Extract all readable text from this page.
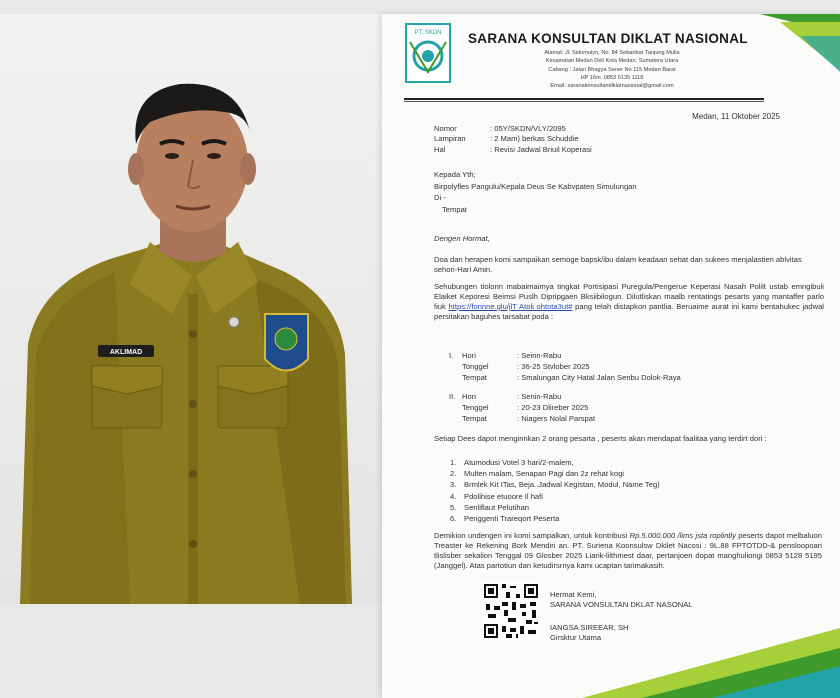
AKLIMAD
PT. SKDN SARANA KONSULTAN DIKLAT NASIONAL
Alamat: Jl. Sidomulyo, No. 84 Sebanbar Tanjung Mulia
Kecamatan Medan Deli Kota Medan, Sumatera Utara
Cabang : Jalan Bhagya Sener No 115 Medan Barat
HP 16m. 0853 5135 1118
Email: saranakonsultandiklatnasional@gmail.com
Medan, 11 Oktober 2025
Nomor	: 05Y/SKDN/VLY/2095
Lampiran	: 2 Mam) berkas Schuddie
Hal	: Revisi Jadwal Briuil Koperasi
Kepada Yth;
Birpolyfles Pangulu/Kepala Deus Se Kabvpaten Simulungan
Di -
Tempat
Dengen Hormat,
Doa dan herapen komi sampaikan semoge bapsk/ibu dalam keadaan sehat dan sukees menjalastien ablvitas sehori-Hari Amin.
Sehubungen tiolonn mabaimaimya tingkat Portisipasi Puregula/Pengerue Keperasi Nasah Polilt ustab emngibuli Elaiket Keporesi Beimsi Puslh Dipripgaen Bksiibilogun. Dilutliskan maalb rentatings pesarts yang mantaffer parlo fiuk https://fonnne.glu/jlT Atoli ohtota3ut# pang telah distapkon pantlia. Beruaime aurat ini kami bentahukec jadwal persitakan baguhes tarsabat poda :
I.	Hori	: Seinn-Rabu
Tonggel	: 36-25 Stvlober 2025
Tempat	: Smalungan City Hatal Jalan Seribu Dolok-Raya
II. Hori	: Senin-Rabu
Tenggel	: 20-23 Dlireber 2025
Tempat	: Niagers Nolal Parspat
Setiap Dees dapot menginnkan 2 orang pesarta , peserts akan mendapat faalitaa yang terdirt dori :
1.	Atumodusi Votel 3 hari/2-malem,
2.	Multen malam, Senapan Pagi dan 2z rehat kogi
3.	Brmlek Kit ITas, Beja..Jadwal Kegistan, Modul, Name Teg)
4.	Pdolihise etuoore Il hafi
5.	Senliflaut Pelutihan
6.	Penggenti Trareqort Peserta
Demikion undengen ini komi sampalkan, untuk kontribusi Rp.5.000.000 /lims jsta roplintly peserts dapot melbaluon Treaster ke Rekening Bork Mendiri an. PT. Suriena Koonsulsw Dkilet Nacosi : 9L.88 FPTOTDD-& pensloopoan tlislisber sekalion Tenggal 09 Glosber 2025 Liarik-lilthmest daar, pertanjoen dopat manghuliongi 0853 5128 5195 (Janggel). Atas partotiun dan ketudirsrnya kami ucaptan tarimakasih.
Hermat Kemi,
SARANA VONSULTAN DKLAT NASONAL
IANGSA SIREEAR, SH
Girsktur Utama
